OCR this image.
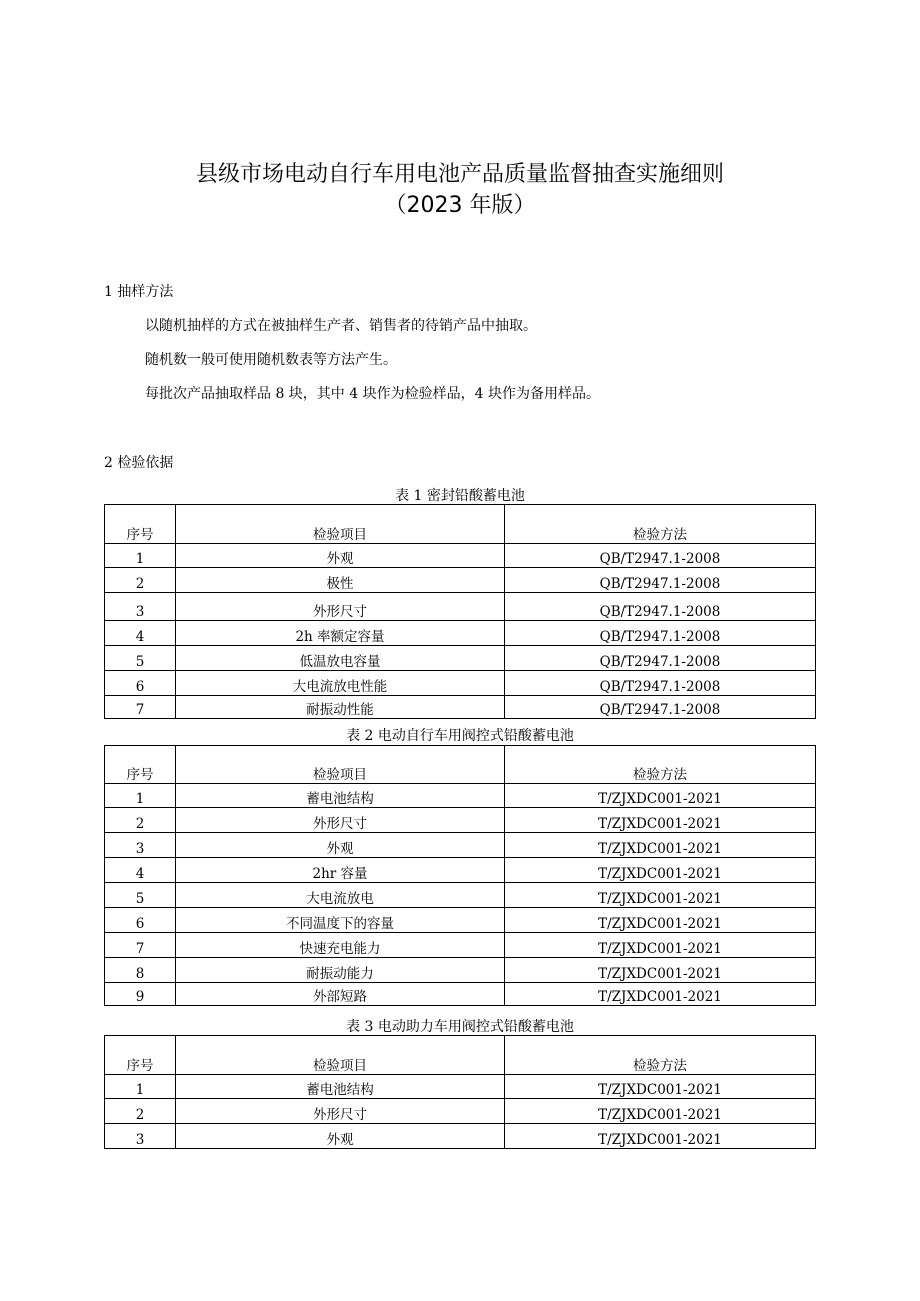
县级市场电动自行车用电池产品质量监督抽查实施细则
（2023 年版）
1 抽样方法
以随机抽样的方式在被抽样生产者、销售者的待销产品中抽取。
随机数一般可使用随机数表等方法产生。
每批次产品抽取样品 8 块，其中 4 块作为检验样品，4 块作为备用样品。
2 检验依据
表 1 密封铅酸蓄电池
序号	检验项目	检验方法
1	外观	QB/T2947.1-2008
2	极性	QB/T2947.1-2008
3	外形尺寸	QB/T2947.1-2008
4	2h 率额定容量	QB/T2947.1-2008
5	低温放电容量	QB/T2947.1-2008
6	大电流放电性能	QB/T2947.1-2008
7	耐振动性能	QB/T2947.1-2008
表 2 电动自行车用阀控式铅酸蓄电池
序号	检验项目	检验方法
1	蓄电池结构	T/ZJXDC001-2021
2	外形尺寸	T/ZJXDC001-2021
3	外观	T/ZJXDC001-2021
4	2hr 容量	T/ZJXDC001-2021
5	大电流放电	T/ZJXDC001-2021
6	不同温度下的容量	T/ZJXDC001-2021
7	快速充电能力	T/ZJXDC001-2021
8	耐振动能力	T/ZJXDC001-2021
9	外部短路	T/ZJXDC001-2021
表 3 电动助力车用阀控式铅酸蓄电池
序号	检验项目	检验方法
1	蓄电池结构	T/ZJXDC001-2021
2	外形尺寸	T/ZJXDC001-2021
3	外观	T/ZJXDC001-2021
